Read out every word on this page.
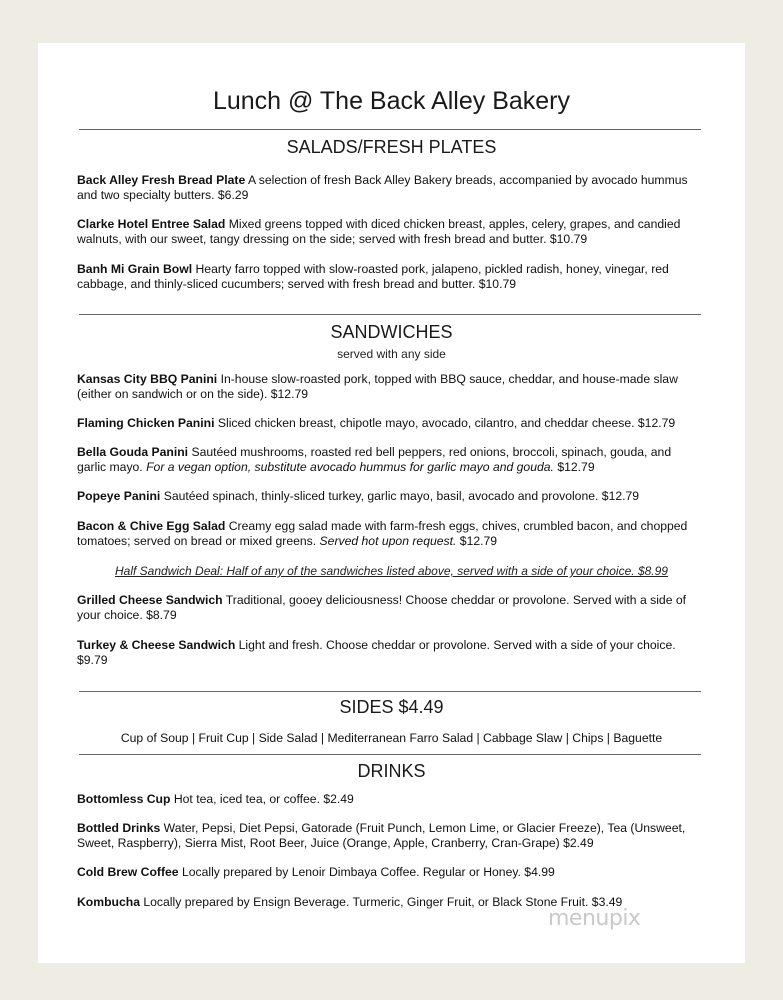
Lunch @ The Back Alley Bakery
SALADS/FRESH PLATES
Back Alley Fresh Bread Plate A selection of fresh Back Alley Bakery breads, accompanied by avocado hummus and two specialty butters. $6.29
Clarke Hotel Entree Salad Mixed greens topped with diced chicken breast, apples, celery, grapes, and candied walnuts, with our sweet, tangy dressing on the side; served with fresh bread and butter. $10.79
Banh Mi Grain Bowl Hearty farro topped with slow-roasted pork, jalapeno, pickled radish, honey, vinegar, red cabbage, and thinly-sliced cucumbers; served with fresh bread and butter. $10.79
SANDWICHES
served with any side
Kansas City BBQ Panini In-house slow-roasted pork, topped with BBQ sauce, cheddar, and house-made slaw (either on sandwich or on the side). $12.79
Flaming Chicken Panini Sliced chicken breast, chipotle mayo, avocado, cilantro, and cheddar cheese. $12.79
Bella Gouda Panini Sautéed mushrooms, roasted red bell peppers, red onions, broccoli, spinach, gouda, and garlic mayo. For a vegan option, substitute avocado hummus for garlic mayo and gouda. $12.79
Popeye Panini Sautéed spinach, thinly-sliced turkey, garlic mayo, basil, avocado and provolone. $12.79
Bacon & Chive Egg Salad Creamy egg salad made with farm-fresh eggs, chives, crumbled bacon, and chopped tomatoes; served on bread or mixed greens. Served hot upon request. $12.79
Half Sandwich Deal: Half of any of the sandwiches listed above, served with a side of your choice. $8.99
Grilled Cheese Sandwich Traditional, gooey deliciousness! Choose cheddar or provolone. Served with a side of your choice. $8.79
Turkey & Cheese Sandwich Light and fresh. Choose cheddar or provolone. Served with a side of your choice. $9.79
SIDES $4.49
Cup of Soup | Fruit Cup | Side Salad | Mediterranean Farro Salad | Cabbage Slaw | Chips | Baguette
DRINKS
Bottomless Cup Hot tea, iced tea, or coffee. $2.49
Bottled Drinks Water, Pepsi, Diet Pepsi, Gatorade (Fruit Punch, Lemon Lime, or Glacier Freeze), Tea (Unsweet, Sweet, Raspberry), Sierra Mist, Root Beer, Juice (Orange, Apple, Cranberry, Cran-Grape) $2.49
Cold Brew Coffee Locally prepared by Lenoir Dimbaya Coffee. Regular or Honey. $4.99
Kombucha Locally prepared by Ensign Beverage. Turmeric, Ginger Fruit, or Black Stone Fruit. $3.49
menupix
